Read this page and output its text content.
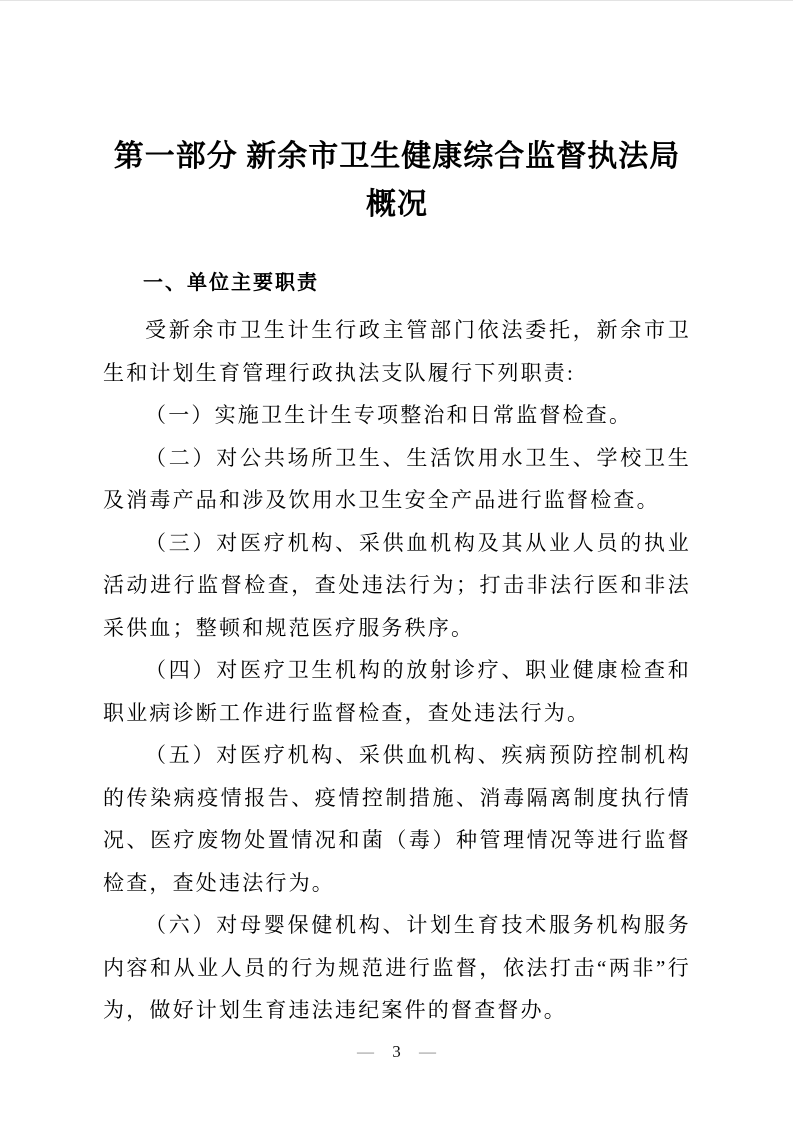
第一部分 新余市卫生健康综合监督执法局
概况
一、单位主要职责

受新余市卫生计生行政主管部门依法委托，新余市卫生和计划生育管理行政执法支队履行下列职责:

（一）实施卫生计生专项整治和日常监督检查。

（二）对公共场所卫生、生活饮用水卫生、学校卫生及消毒产品和涉及饮用水卫生安全产品进行监督检查。

（三）对医疗机构、采供血机构及其从业人员的执业活动进行监督检查，查处违法行为；打击非法行医和非法采供血；整顿和规范医疗服务秩序。

（四）对医疗卫生机构的放射诊疗、职业健康检查和职业病诊断工作进行监督检查，查处违法行为。

（五）对医疗机构、采供血机构、疾病预防控制机构的传染病疫情报告、疫情控制措施、消毒隔离制度执行情况、医疗废物处置情况和菌（毒）种管理情况等进行监督检查，查处违法行为。

（六）对母婴保健机构、计划生育技术服务机构服务内容和从业人员的行为规范进行监督，依法打击“两非”行为，做好计划生育违法违纪案件的督查督办。

— 3 —
